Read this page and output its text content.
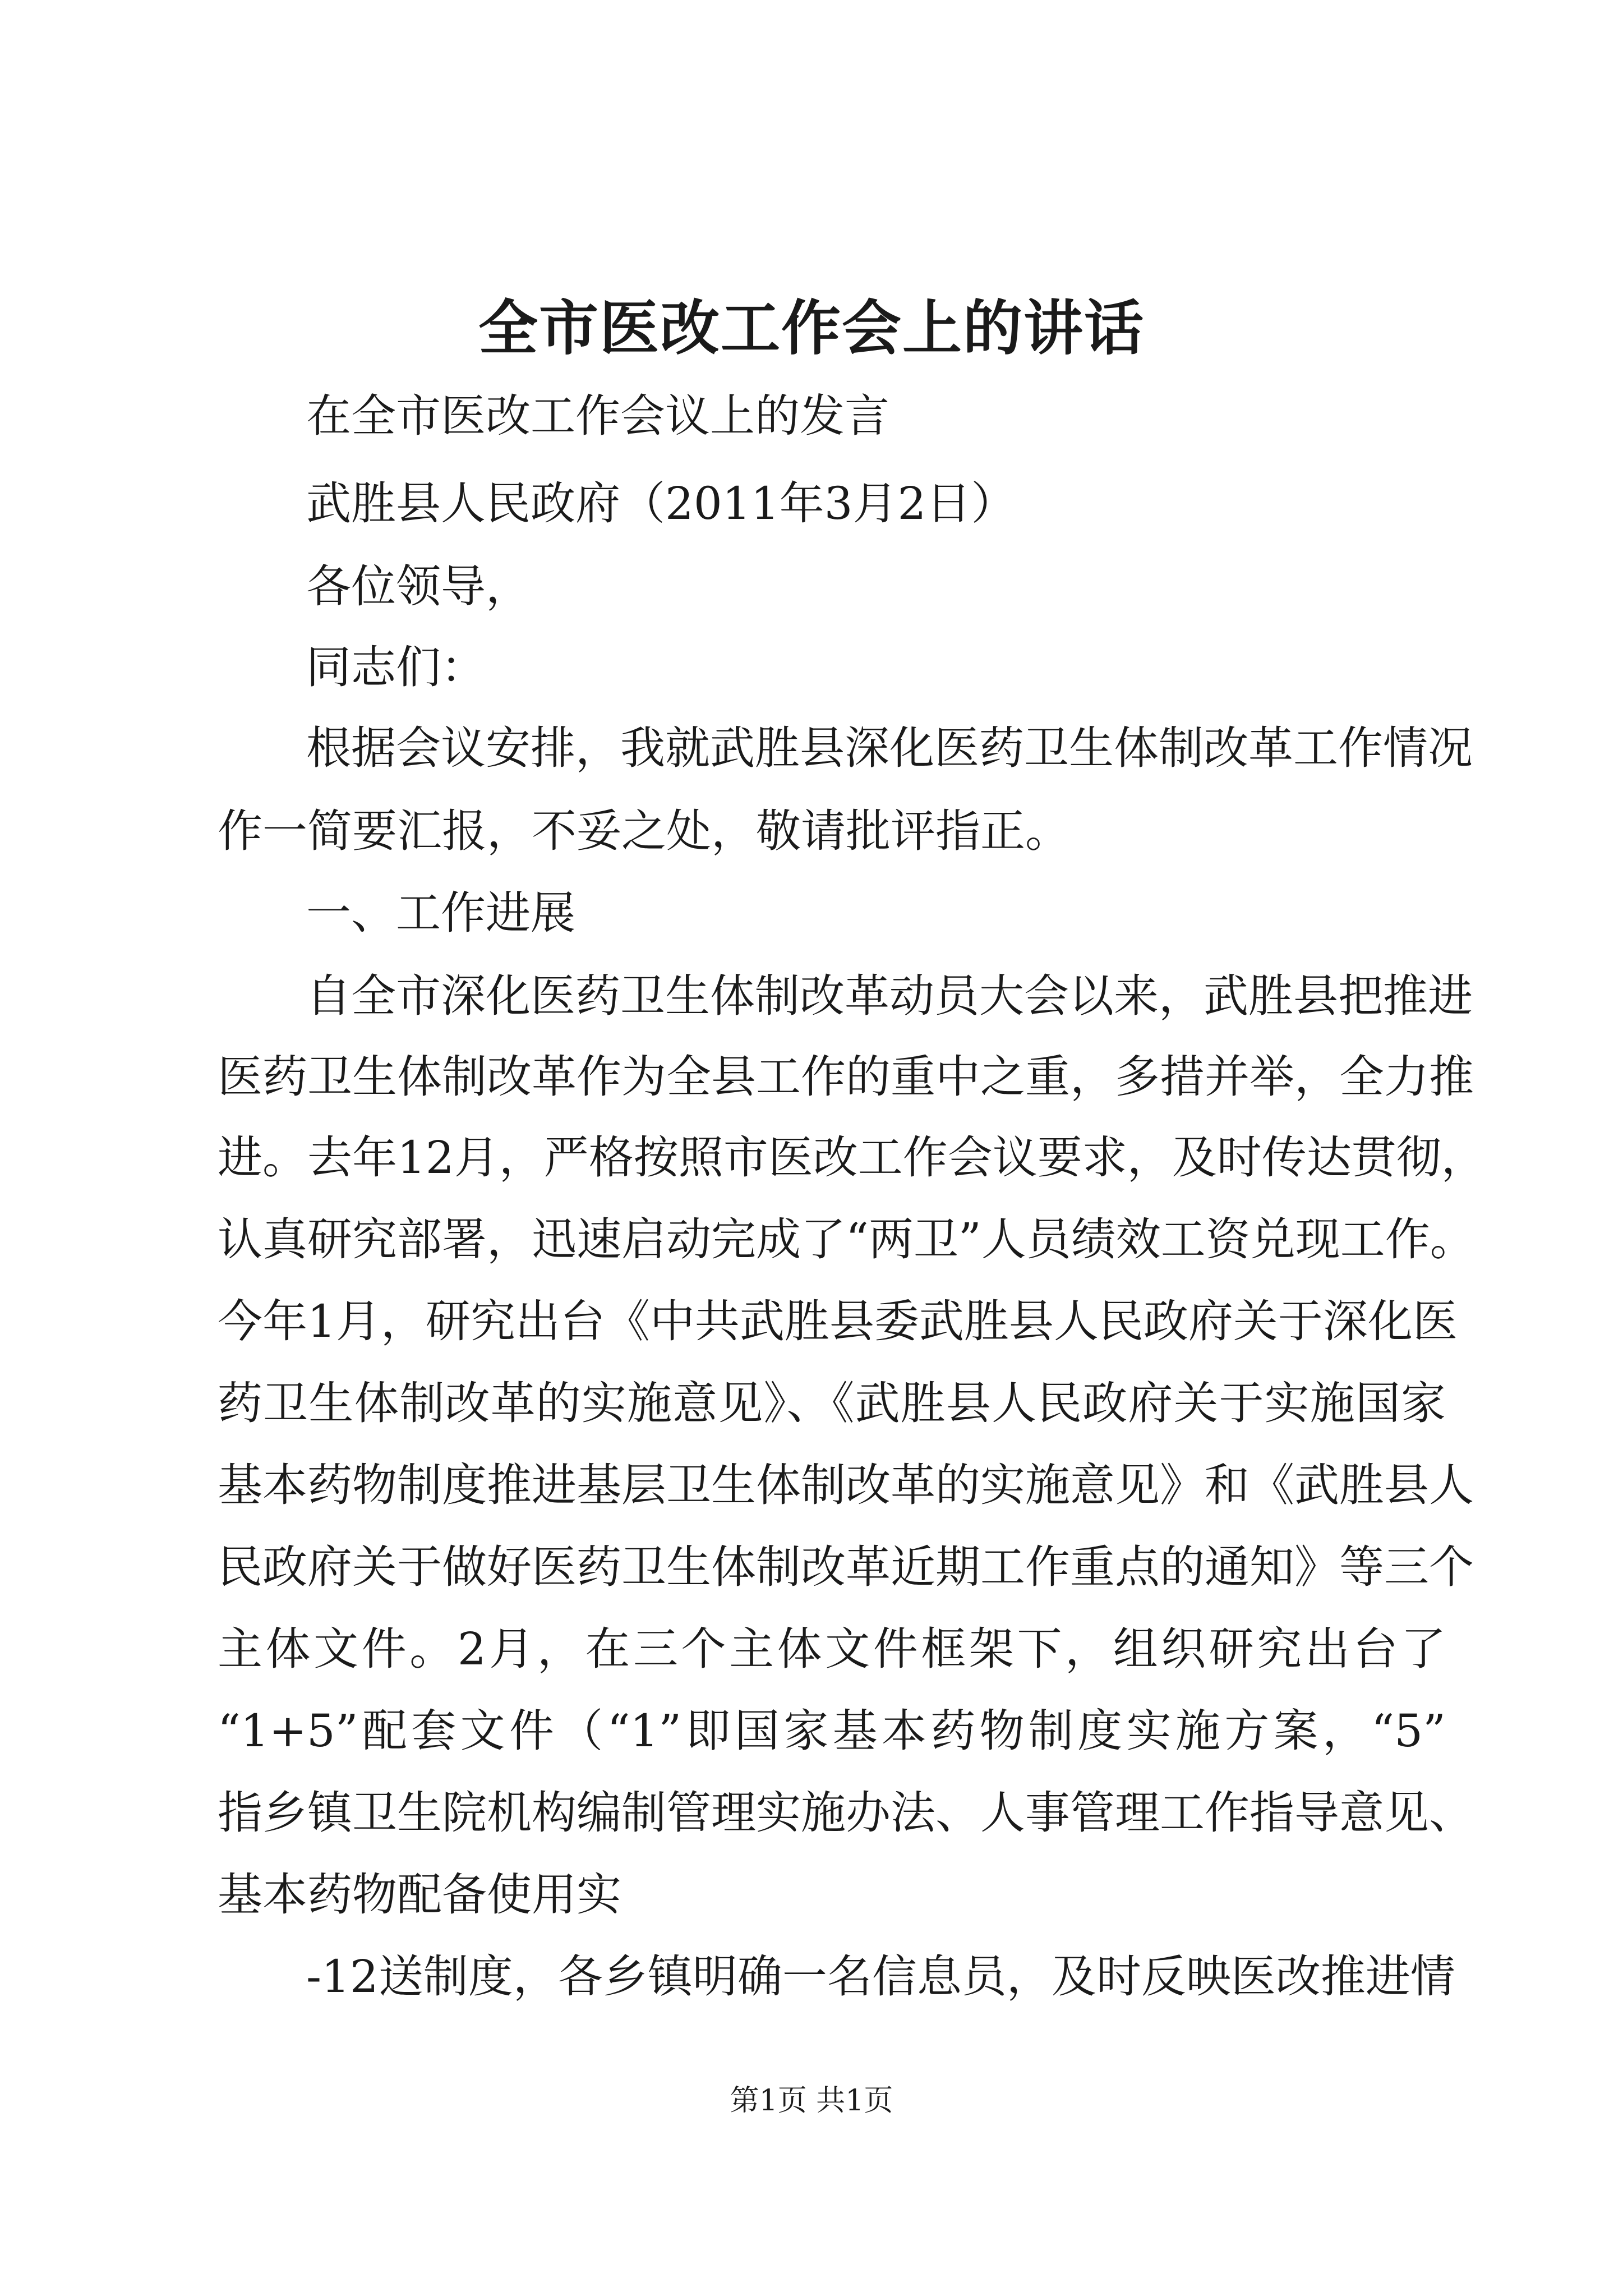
全市医改工作会上的讲话
在全市医改工作会议上的发言
武胜县人民政府（2011年3月2日）
各位领导，
同志们：
根据会议安排，我就武胜县深化医药卫生体制改革工作情况
作一简要汇报，不妥之处，敬请批评指正。
一、工作进展
自全市深化医药卫生体制改革动员大会以来，武胜县把推进
医药卫生体制改革作为全县工作的重中之重，多措并举，全力推
进。去年12月，严格按照市医改工作会议要求，及时传达贯彻，
认真研究部署，迅速启动完成了“两卫”人员绩效工资兑现工作。
今年1月，研究出台《中共武胜县委武胜县人民政府关于深化医
药卫生体制改革的实施意见》、《武胜县人民政府关于实施国家
基本药物制度推进基层卫生体制改革的实施意见》和《武胜县人
民政府关于做好医药卫生体制改革近期工作重点的通知》等三个
主体文件。2月，在三个主体文件框架下，组织研究出台了
“1+5”配套文件（“1”即国家基本药物制度实施方案，“5”
指乡镇卫生院机构编制管理实施办法、人事管理工作指导意见、
基本药物配备使用实
-12送制度，各乡镇明确一名信息员，及时反映医改推进情
第1页 共1页
